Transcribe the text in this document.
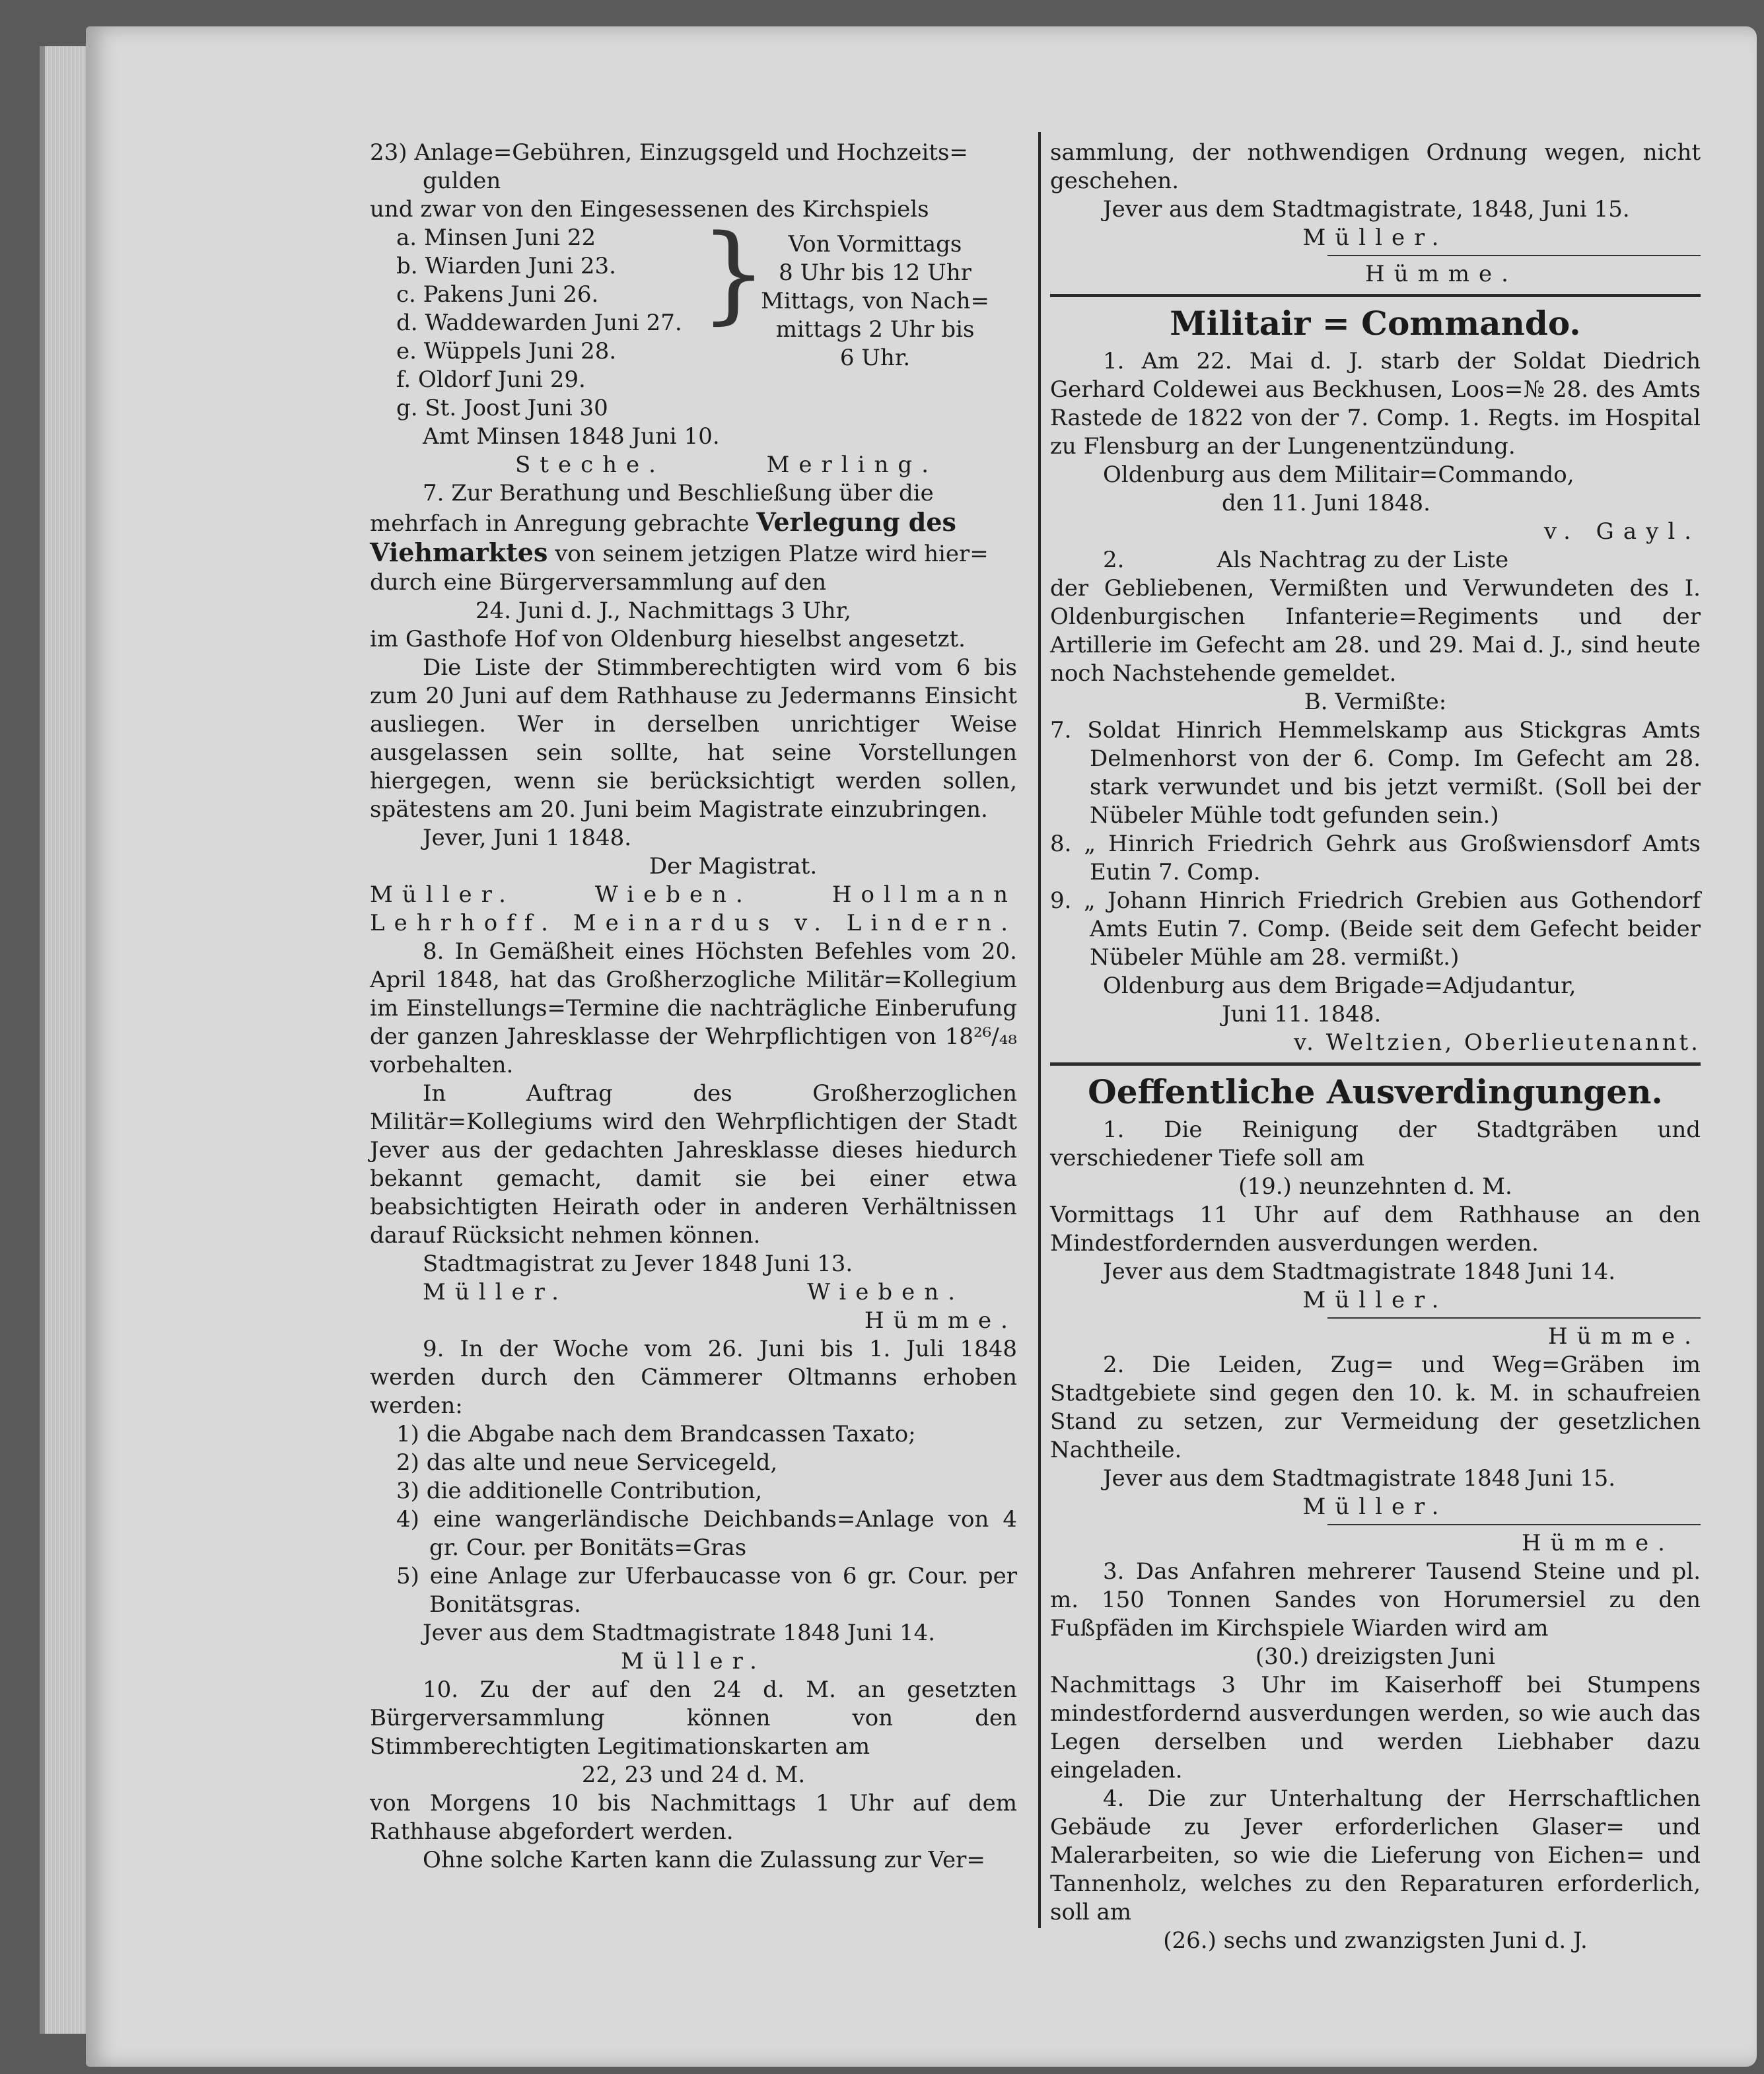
23) Anlage=Gebühren, Einzugsgeld und Hochzeits=

gulden

und zwar von den Eingesessenen des Kirchspiels

a. Minsen Juni 22
b. Wiarden Juni 23.
c. Pakens Juni 26.
d. Waddewarden Juni 27.
e. Wüppels Juni 28.
f. Oldorf Juni 29.
g. St. Joost Juni 30
} Von Vormittags
8 Uhr bis 12 Uhr
Mittags, von Nach=
mittags 2 Uhr bis
6 Uhr.

Amt Minsen 1848 Juni 10.

Steche.	Merling.

7. Zur Berathung und Beschließung über die

mehrfach in Anregung gebrachte Verlegung des

Viehmarktes von seinem jetzigen Platze wird hier=

durch eine Bürgerversammlung auf den

24. Juni d. J., Nachmittags 3 Uhr,

im Gasthofe Hof von Oldenburg hieselbst angesetzt.

Die Liste der Stimmberechtigten wird vom 6 bis zum 20 Juni auf dem Rathhause zu Jedermanns Einsicht ausliegen. Wer in derselben unrichtiger Weise ausgelassen sein sollte, hat seine Vorstellungen hiergegen, wenn sie berücksichtigt werden sollen, spätestens am 20. Juni beim Magistrate einzubringen.

Jever, Juni 1 1848.

Der Magistrat.

Müller.	Wieben.	Hollmann
Lehrhoff. Meinardus v. Lindern.

8. In Gemäßheit eines Höchsten Befehles vom 20. April 1848, hat das Großherzogliche Militär=Kollegium im Einstellungs=Termine die nachträgliche Einberufung der ganzen Jahresklasse der Wehrpflichtigen von 18²⁶/₄₈ vorbehalten.

In Auftrag des Großherzoglichen Militär=Kollegiums wird den Wehrpflichtigen der Stadt Jever aus der gedachten Jahresklasse dieses hiedurch bekannt gemacht, damit sie bei einer etwa beabsichtigten Heirath oder in anderen Verhältnissen darauf Rücksicht nehmen können.

Stadtmagistrat zu Jever 1848 Juni 13.

Müller.	Wieben.

Hümme.

9. In der Woche vom 26. Juni bis 1. Juli 1848 werden durch den Cämmerer Oltmanns erhoben werden:

1) die Abgabe nach dem Brandcassen Taxato;

2) das alte und neue Servicegeld,

3) die additionelle Contribution,

4) eine wangerländische Deichbands=Anlage von 4 gr. Cour. per Bonitäts=Gras

5) eine Anlage zur Uferbaucasse von 6 gr. Cour. per Bonitätsgras.

Jever aus dem Stadtmagistrate 1848 Juni 14.

Müller.

10. Zu der auf den 24 d. M. an gesetzten Bürgerversammlung können von den Stimmberechtigten Legitimationskarten am

22, 23 und 24 d. M.

von Morgens 10 bis Nachmittags 1 Uhr auf dem Rathhause abgefordert werden.

Ohne solche Karten kann die Zulassung zur Ver=

sammlung, der nothwendigen Ordnung wegen, nicht geschehen.

Jever aus dem Stadtmagistrate, 1848, Juni 15.

Müller.

Hümme.

Militair = Commando.

1. Am 22. Mai d. J. starb der Soldat Diedrich Gerhard Coldewei aus Beckhusen, Loos=№ 28. des Amts Rastede de 1822 von der 7. Comp. 1. Regts. im Hospital zu Flensburg an der Lungenentzündung.

Oldenburg aus dem Militair=Commando,

den 11. Juni 1848.

v. Gayl.

2.	Als Nachtrag zu der Liste

der Gebliebenen, Vermißten und Verwundeten des I. Oldenburgischen Infanterie=Regiments und der Artillerie im Gefecht am 28. und 29. Mai d. J., sind heute noch Nachstehende gemeldet.

B. Vermißte:

7. Soldat Hinrich Hemmelskamp aus Stickgras Amts Delmenhorst von der 6. Comp. Im Gefecht am 28. stark verwundet und bis jetzt vermißt. (Soll bei der Nübeler Mühle todt gefunden sein.)

8. „ Hinrich Friedrich Gehrk aus Großwiensdorf Amts Eutin 7. Comp.

9. „ Johann Hinrich Friedrich Grebien aus Gothendorf Amts Eutin 7. Comp. (Beide seit dem Gefecht beider Nübeler Mühle am 28. vermißt.)

Oldenburg aus dem Brigade=Adjudantur,

Juni 11. 1848.

v. Weltzien, Oberlieutenannt.

Oeffentliche Ausverdingungen.

1. Die Reinigung der Stadtgräben und verschiedener Tiefe soll am

(19.) neunzehnten d. M.

Vormittags 11 Uhr auf dem Rathhause an den Mindestfordernden ausverdungen werden.

Jever aus dem Stadtmagistrate 1848 Juni 14.

Müller.

Hümme.

2. Die Leiden, Zug= und Weg=Gräben im Stadtgebiete sind gegen den 10. k. M. in schaufreien Stand zu setzen, zur Vermeidung der gesetzlichen Nachtheile.

Jever aus dem Stadtmagistrate 1848 Juni 15.

Müller.

Hümme.

3. Das Anfahren mehrerer Tausend Steine und pl. m. 150 Tonnen Sandes von Horumersiel zu den Fußpfäden im Kirchspiele Wiarden wird am

(30.) dreizigsten Juni

Nachmittags 3 Uhr im Kaiserhoff bei Stumpens mindestfordernd ausverdungen werden, so wie auch das Legen derselben und werden Liebhaber dazu eingeladen.

4. Die zur Unterhaltung der Herrschaftlichen Gebäude zu Jever erforderlichen Glaser= und Malerarbeiten, so wie die Lieferung von Eichen= und Tannenholz, welches zu den Reparaturen erforderlich, soll am

(26.) sechs und zwanzigsten Juni d. J.
